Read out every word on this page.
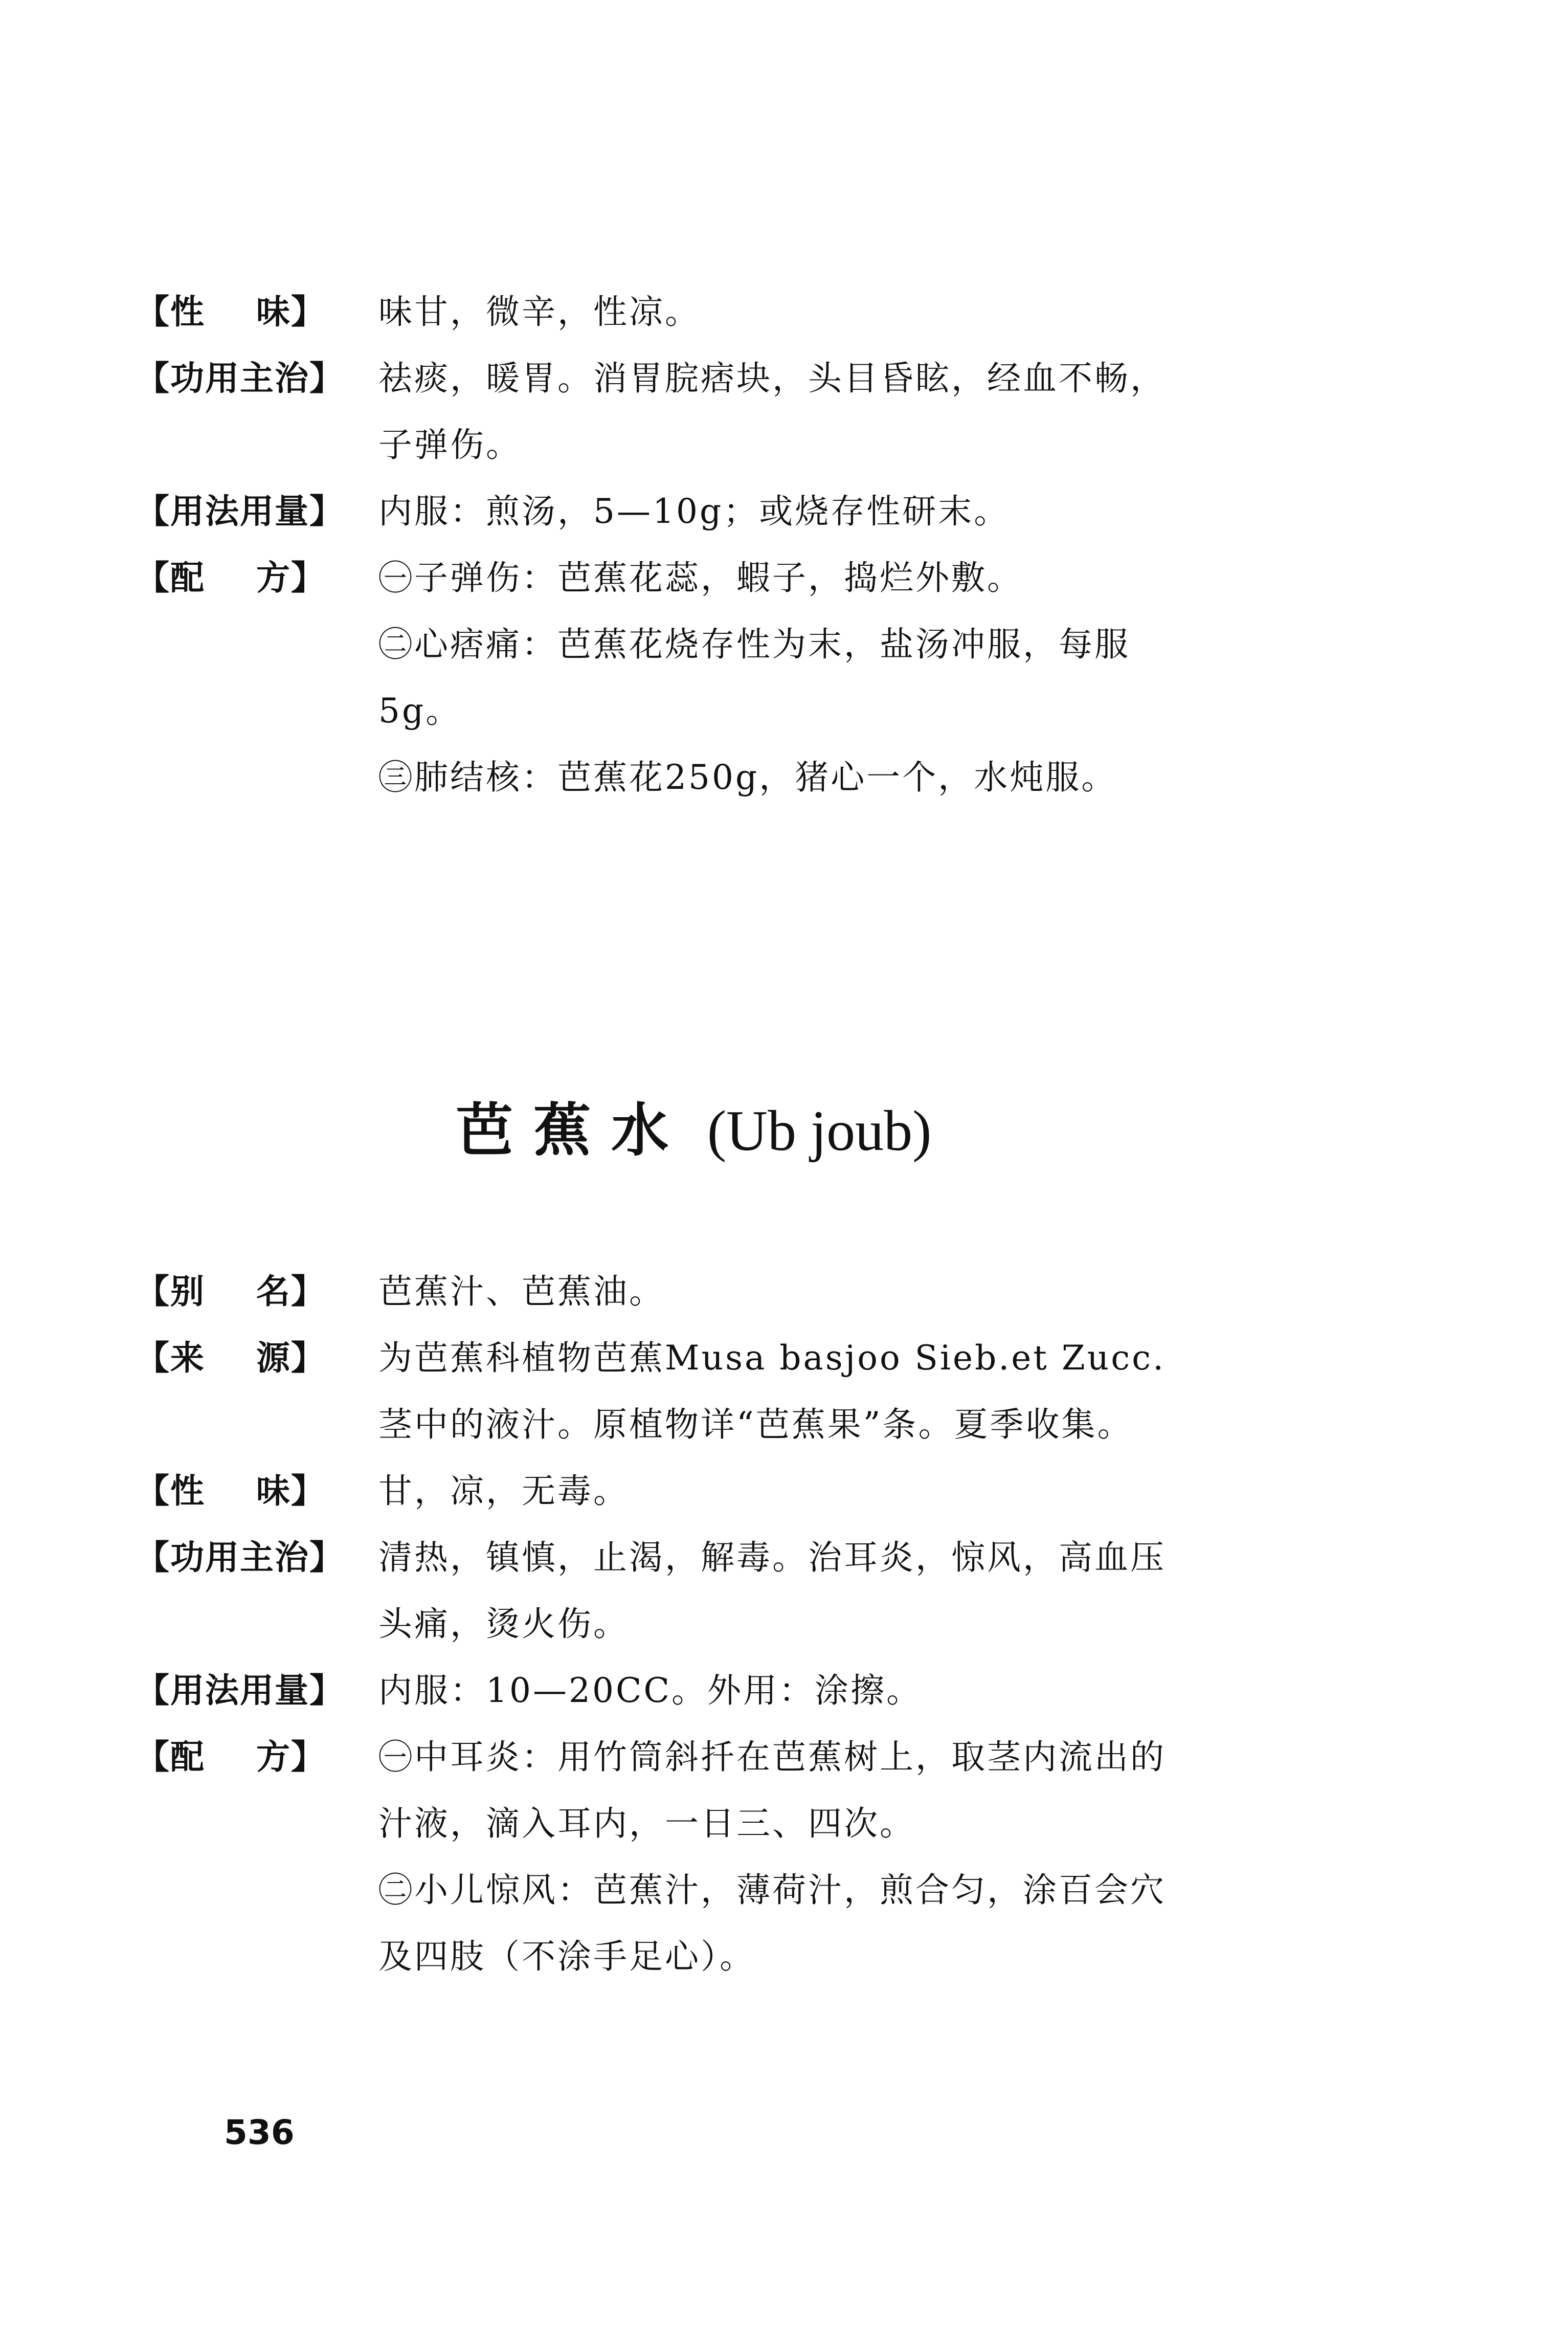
【性    味】	味甘，微辛，性凉。
【功用主治】	祛痰，暖胃。消胃脘痞块，头目昏眩，经血不畅，
子弹伤。
【用法用量】	内服：煎汤，5—10g；或烧存性研末。
【配    方】	㊀子弹伤：芭蕉花蕊，蝦子，捣烂外敷。
㊁心痞痛：芭蕉花烧存性为末，盐汤冲服，每服
5g。
㊂肺结核：芭蕉花250g，猪心一个，水炖服。

芭蕉水 (Ub joub)

【别    名】	芭蕉汁、芭蕉油。
【来    源】	为芭蕉科植物芭蕉Musa basjoo Sieb.et Zucc.
茎中的液汁。原植物详“芭蕉果”条。夏季收集。
【性    味】	甘，凉，无毒。
【功用主治】	清热，镇慎，止渴，解毒。治耳炎，惊风，高血压
头痛，烫火伤。
【用法用量】	内服：10—20CC。外用：涂擦。
【配    方】	㊀中耳炎：用竹筒斜扦在芭蕉树上，取茎内流出的
汁液，滴入耳内，一日三、四次。
㊁小儿惊风：芭蕉汁，薄荷汁，煎合匀，涂百会穴
及四肢（不涂手足心）。
536
